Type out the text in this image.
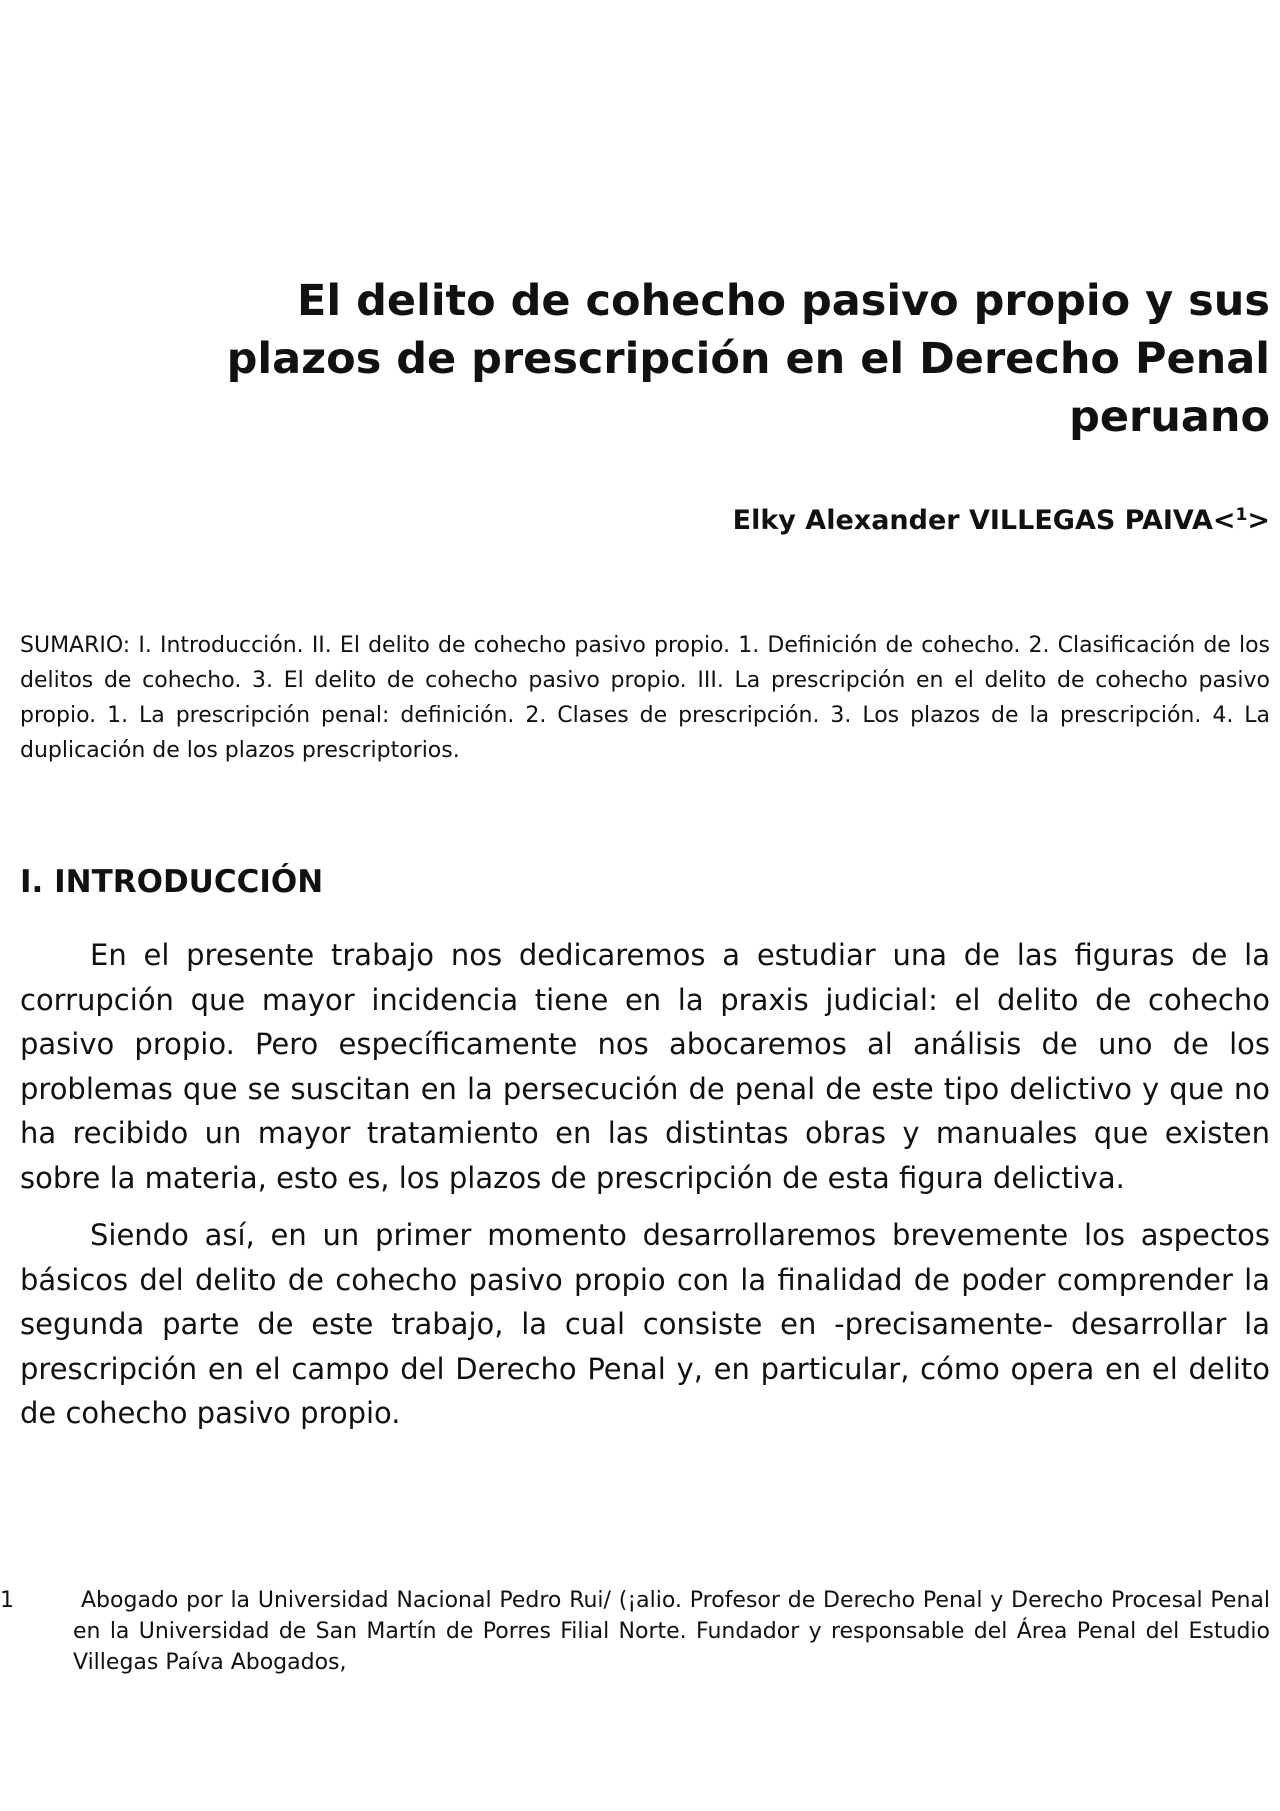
El delito de cohecho pasivo propio y sus
plazos de prescripción en el Derecho Penal
peruano

Elky Alexander VILLEGAS PAIVA<$^1$>

SUMARIO: I. Introducción. II. El delito de cohecho pasivo propio. 1. Definición de cohecho. 2. Clasificación de los delitos de cohecho. 3. El delito de cohecho pasivo propio. III. La prescripción en el delito de cohecho pasivo propio. 1. La prescripción penal: definición. 2. Clases de prescripción. 3. Los plazos de la prescripción. 4. La duplicación de los plazos prescriptorios.

I. INTRODUCCIÓN

En el presente trabajo nos dedicaremos a estudiar una de las figuras de la corrupción que mayor incidencia tiene en la praxis judicial: el delito de cohecho pasivo propio. Pero específicamente nos abocaremos al análisis de uno de los problemas que se suscitan en la persecución de penal de este tipo delictivo y que no ha recibido un mayor tratamiento en las distintas obras y manuales que existen sobre la materia, esto es, los plazos de prescripción de esta figura delictiva.

Siendo así, en un primer momento desarrollaremos brevemente los aspectos básicos del delito de cohecho pasivo propio con la finalidad de poder comprender la segunda parte de este trabajo, la cual consiste en -precisamente- desarrollar la prescripción en el campo del Derecho Penal y, en particular, cómo opera en el delito de cohecho pasivo propio.

1	Abogado por la Universidad Nacional Pedro Rui/ (¡alio. Profesor de Derecho Penal y Derecho Procesal Penal en la Universidad de San Martín de Porres Filial Norte. Fundador y responsable del Área Penal del Estudio Villegas Paíva Abogados,
